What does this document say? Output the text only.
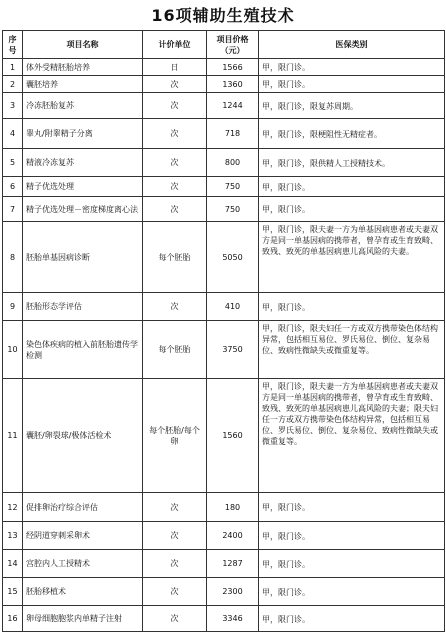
16项辅助生殖技术
序号	项目名称	计价单位	项目价格（元）	医保类别
1	体外受精胚胎培养	日	1566	甲，限门诊。
2	囊胚培养	次	1360	甲，限门诊。
3	冷冻胚胎复苏	次	1244	甲，限门诊，限复苏周期。
4	睾丸/附睾精子分离	次	718	甲，限门诊，限梗阻性无精症者。
5	精液冷冻复苏	次	800	甲，限门诊，限供精人工授精技术。
6	精子优选处理	次	750	甲，限门诊。
7	精子优选处理－密度梯度离心法	次	750	甲，限门诊。
8	胚胎单基因病诊断	每个胚胎	5050	甲，限门诊，限夫妻一方为单基因病患者或夫妻双方是同一单基因病的携带者，曾孕育或生育致畸、致残、致死的单基因病患儿高风险的夫妻。
9	胚胎形态学评估	次	410	甲，限门诊。
10	染色体疾病的植入前胚胎遗传学检测	每个胚胎	3750	甲，限门诊，限夫妇任一方或双方携带染色体结构异常，包括相互易位、罗氏易位、倒位、复杂易位、致病性微缺失或微重复等。
11	囊胚/卵裂球/极体活检术	每个胚胎/每个卵	1560	甲，限门诊，限夫妻一方为单基因病患者或夫妻双方是同一单基因病的携带者，曾孕育或生育致畸、致残、致死的单基因病患儿高风险的夫妻；限夫妇任一方或双方携带染色体结构异常，包括相互易位、罗氏易位、倒位、复杂易位、致病性微缺失或微重复等。
12	促排卵治疗综合评估	次	180	甲，限门诊。
13	经阴道穿刺采卵术	次	2400	甲，限门诊。
14	宫腔内人工授精术	次	1287	甲，限门诊。
15	胚胎移植术	次	2300	甲，限门诊。
16	卵母细胞胞浆内单精子注射	次	3346	甲，限门诊。
